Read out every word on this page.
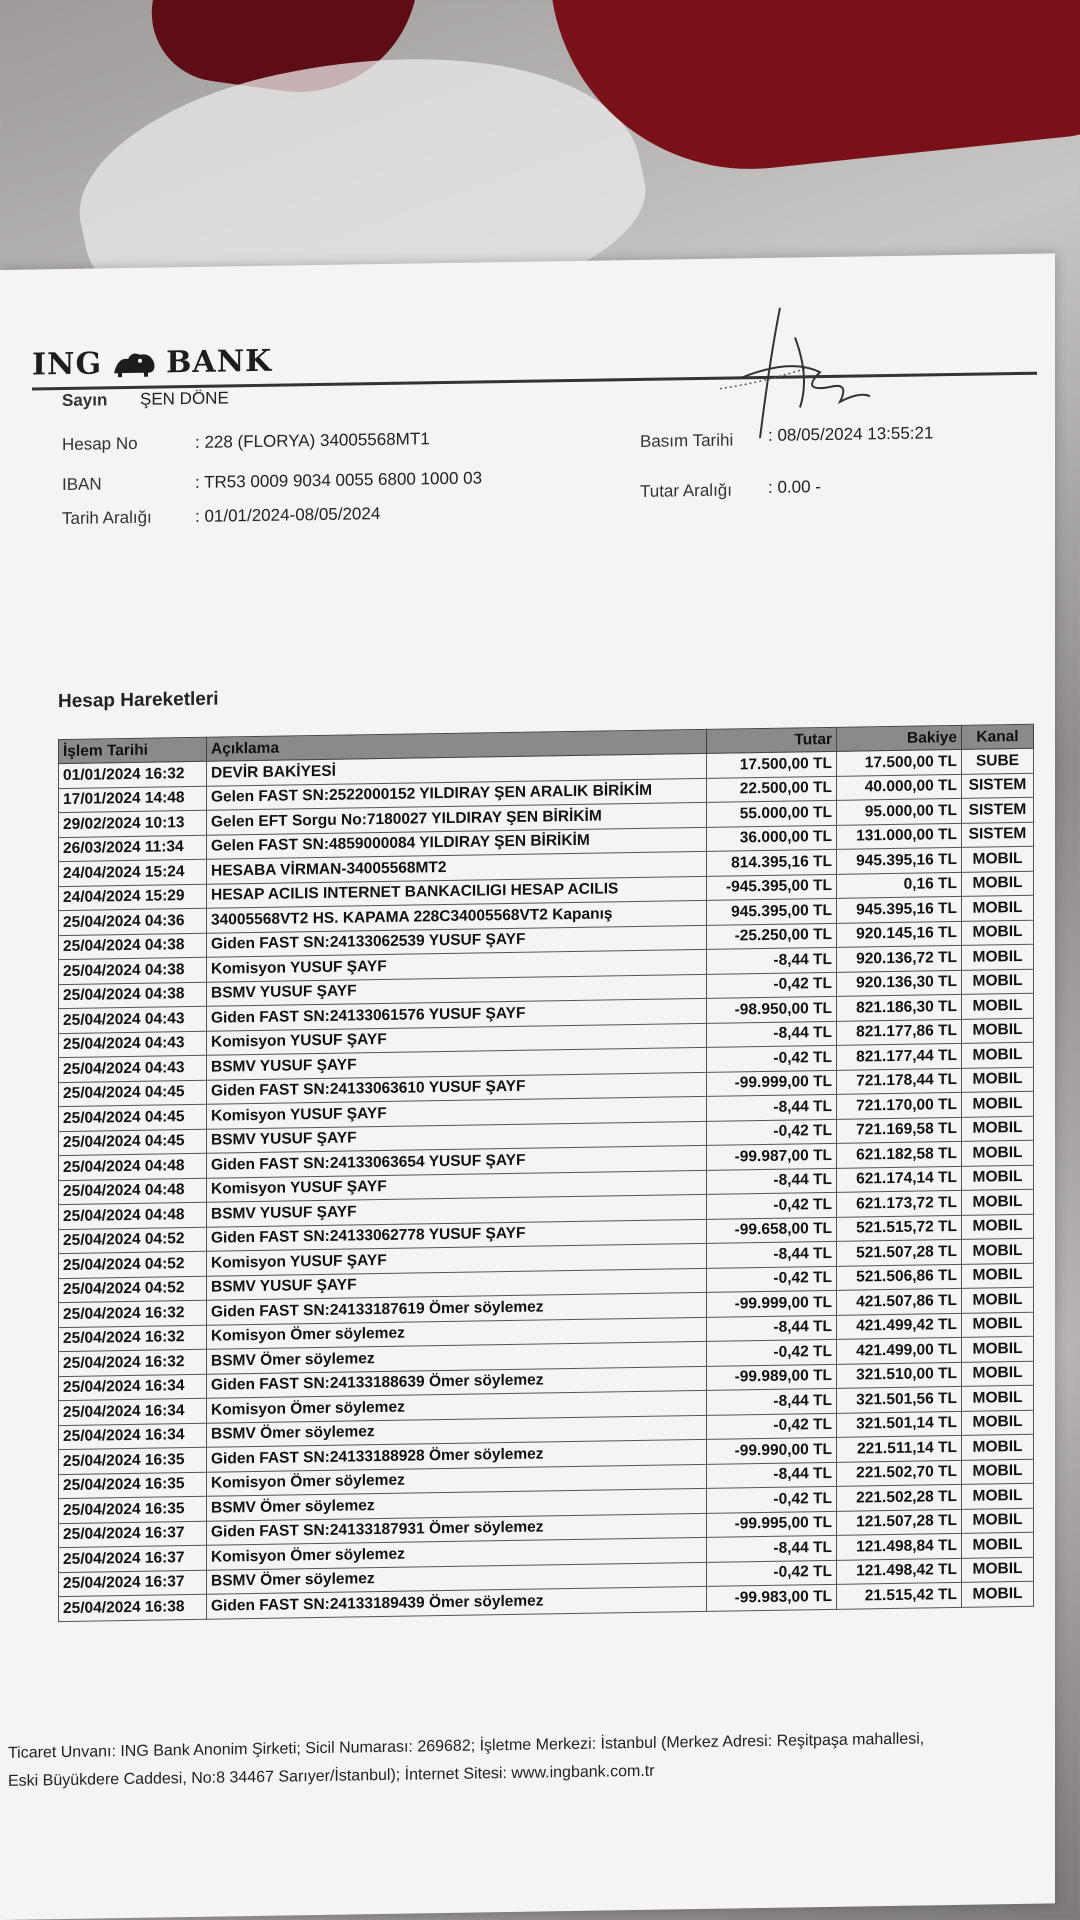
ING BANK
Sayın ŞEN DÖNE
Hesap No	: 228 (FLORYA) 34005568MT1
IBAN	: TR53 0009 9034 0055 6800 1000 03
Tarih Aralığı	: 01/01/2024-08/05/2024
Basım Tarihi : 08/05/2024 13:55:21
Tutar Aralığı : 0.00 -
Hesap Hareketleri
İşlem Tarihi	Açıklama	Tutar	Bakiye	Kanal
01/01/2024 16:32	DEVİR BAKİYESİ	17.500,00 TL	17.500,00 TL	SUBE
17/01/2024 14:48	Gelen FAST SN:2522000152 YILDIRAY ŞEN ARALIK BİRİKİM	22.500,00 TL	40.000,00 TL	SISTEM
29/02/2024 10:13	Gelen EFT Sorgu No:7180027 YILDIRAY ŞEN BİRİKİM	55.000,00 TL	95.000,00 TL	SISTEM
26/03/2024 11:34	Gelen FAST SN:4859000084 YILDIRAY ŞEN BİRİKİM	36.000,00 TL	131.000,00 TL	SISTEM
24/04/2024 15:24	HESABA VİRMAN-34005568MT2	814.395,16 TL	945.395,16 TL	MOBIL
24/04/2024 15:29	HESAP ACILIS INTERNET BANKACILIGI HESAP ACILIS	-945.395,00 TL	0,16 TL	MOBIL
25/04/2024 04:36	34005568VT2 HS. KAPAMA 228C34005568VT2 Kapanış	945.395,00 TL	945.395,16 TL	MOBIL
25/04/2024 04:38	Giden FAST SN:24133062539 YUSUF ŞAYF	-25.250,00 TL	920.145,16 TL	MOBIL
25/04/2024 04:38	Komisyon YUSUF ŞAYF	-8,44 TL	920.136,72 TL	MOBIL
25/04/2024 04:38	BSMV YUSUF ŞAYF	-0,42 TL	920.136,30 TL	MOBIL
25/04/2024 04:43	Giden FAST SN:24133061576 YUSUF ŞAYF	-98.950,00 TL	821.186,30 TL	MOBIL
25/04/2024 04:43	Komisyon YUSUF ŞAYF	-8,44 TL	821.177,86 TL	MOBIL
25/04/2024 04:43	BSMV YUSUF ŞAYF	-0,42 TL	821.177,44 TL	MOBIL
25/04/2024 04:45	Giden FAST SN:24133063610 YUSUF ŞAYF	-99.999,00 TL	721.178,44 TL	MOBIL
25/04/2024 04:45	Komisyon YUSUF ŞAYF	-8,44 TL	721.170,00 TL	MOBIL
25/04/2024 04:45	BSMV YUSUF ŞAYF	-0,42 TL	721.169,58 TL	MOBIL
25/04/2024 04:48	Giden FAST SN:24133063654 YUSUF ŞAYF	-99.987,00 TL	621.182,58 TL	MOBIL
25/04/2024 04:48	Komisyon YUSUF ŞAYF	-8,44 TL	621.174,14 TL	MOBIL
25/04/2024 04:48	BSMV YUSUF ŞAYF	-0,42 TL	621.173,72 TL	MOBIL
25/04/2024 04:52	Giden FAST SN:24133062778 YUSUF ŞAYF	-99.658,00 TL	521.515,72 TL	MOBIL
25/04/2024 04:52	Komisyon YUSUF ŞAYF	-8,44 TL	521.507,28 TL	MOBIL
25/04/2024 04:52	BSMV YUSUF ŞAYF	-0,42 TL	521.506,86 TL	MOBIL
25/04/2024 16:32	Giden FAST SN:24133187619 Ömer söylemez	-99.999,00 TL	421.507,86 TL	MOBIL
25/04/2024 16:32	Komisyon Ömer söylemez	-8,44 TL	421.499,42 TL	MOBIL
25/04/2024 16:32	BSMV Ömer söylemez	-0,42 TL	421.499,00 TL	MOBIL
25/04/2024 16:34	Giden FAST SN:24133188639 Ömer söylemez	-99.989,00 TL	321.510,00 TL	MOBIL
25/04/2024 16:34	Komisyon Ömer söylemez	-8,44 TL	321.501,56 TL	MOBIL
25/04/2024 16:34	BSMV Ömer söylemez	-0,42 TL	321.501,14 TL	MOBIL
25/04/2024 16:35	Giden FAST SN:24133188928 Ömer söylemez	-99.990,00 TL	221.511,14 TL	MOBIL
25/04/2024 16:35	Komisyon Ömer söylemez	-8,44 TL	221.502,70 TL	MOBIL
25/04/2024 16:35	BSMV Ömer söylemez	-0,42 TL	221.502,28 TL	MOBIL
25/04/2024 16:37	Giden FAST SN:24133187931 Ömer söylemez	-99.995,00 TL	121.507,28 TL	MOBIL
25/04/2024 16:37	Komisyon Ömer söylemez	-8,44 TL	121.498,84 TL	MOBIL
25/04/2024 16:37	BSMV Ömer söylemez	-0,42 TL	121.498,42 TL	MOBIL
25/04/2024 16:38	Giden FAST SN:24133189439 Ömer söylemez	-99.983,00 TL	21.515,42 TL	MOBIL
Ticaret Unvanı: ING Bank Anonim Şirketi; Sicil Numarası: 269682; İşletme Merkezi: İstanbul (Merkez Adresi: Reşitpaşa mahallesi,
Eski Büyükdere Caddesi, No:8 34467 Sarıyer/İstanbul); İnternet Sitesi: www.ingbank.com.tr
